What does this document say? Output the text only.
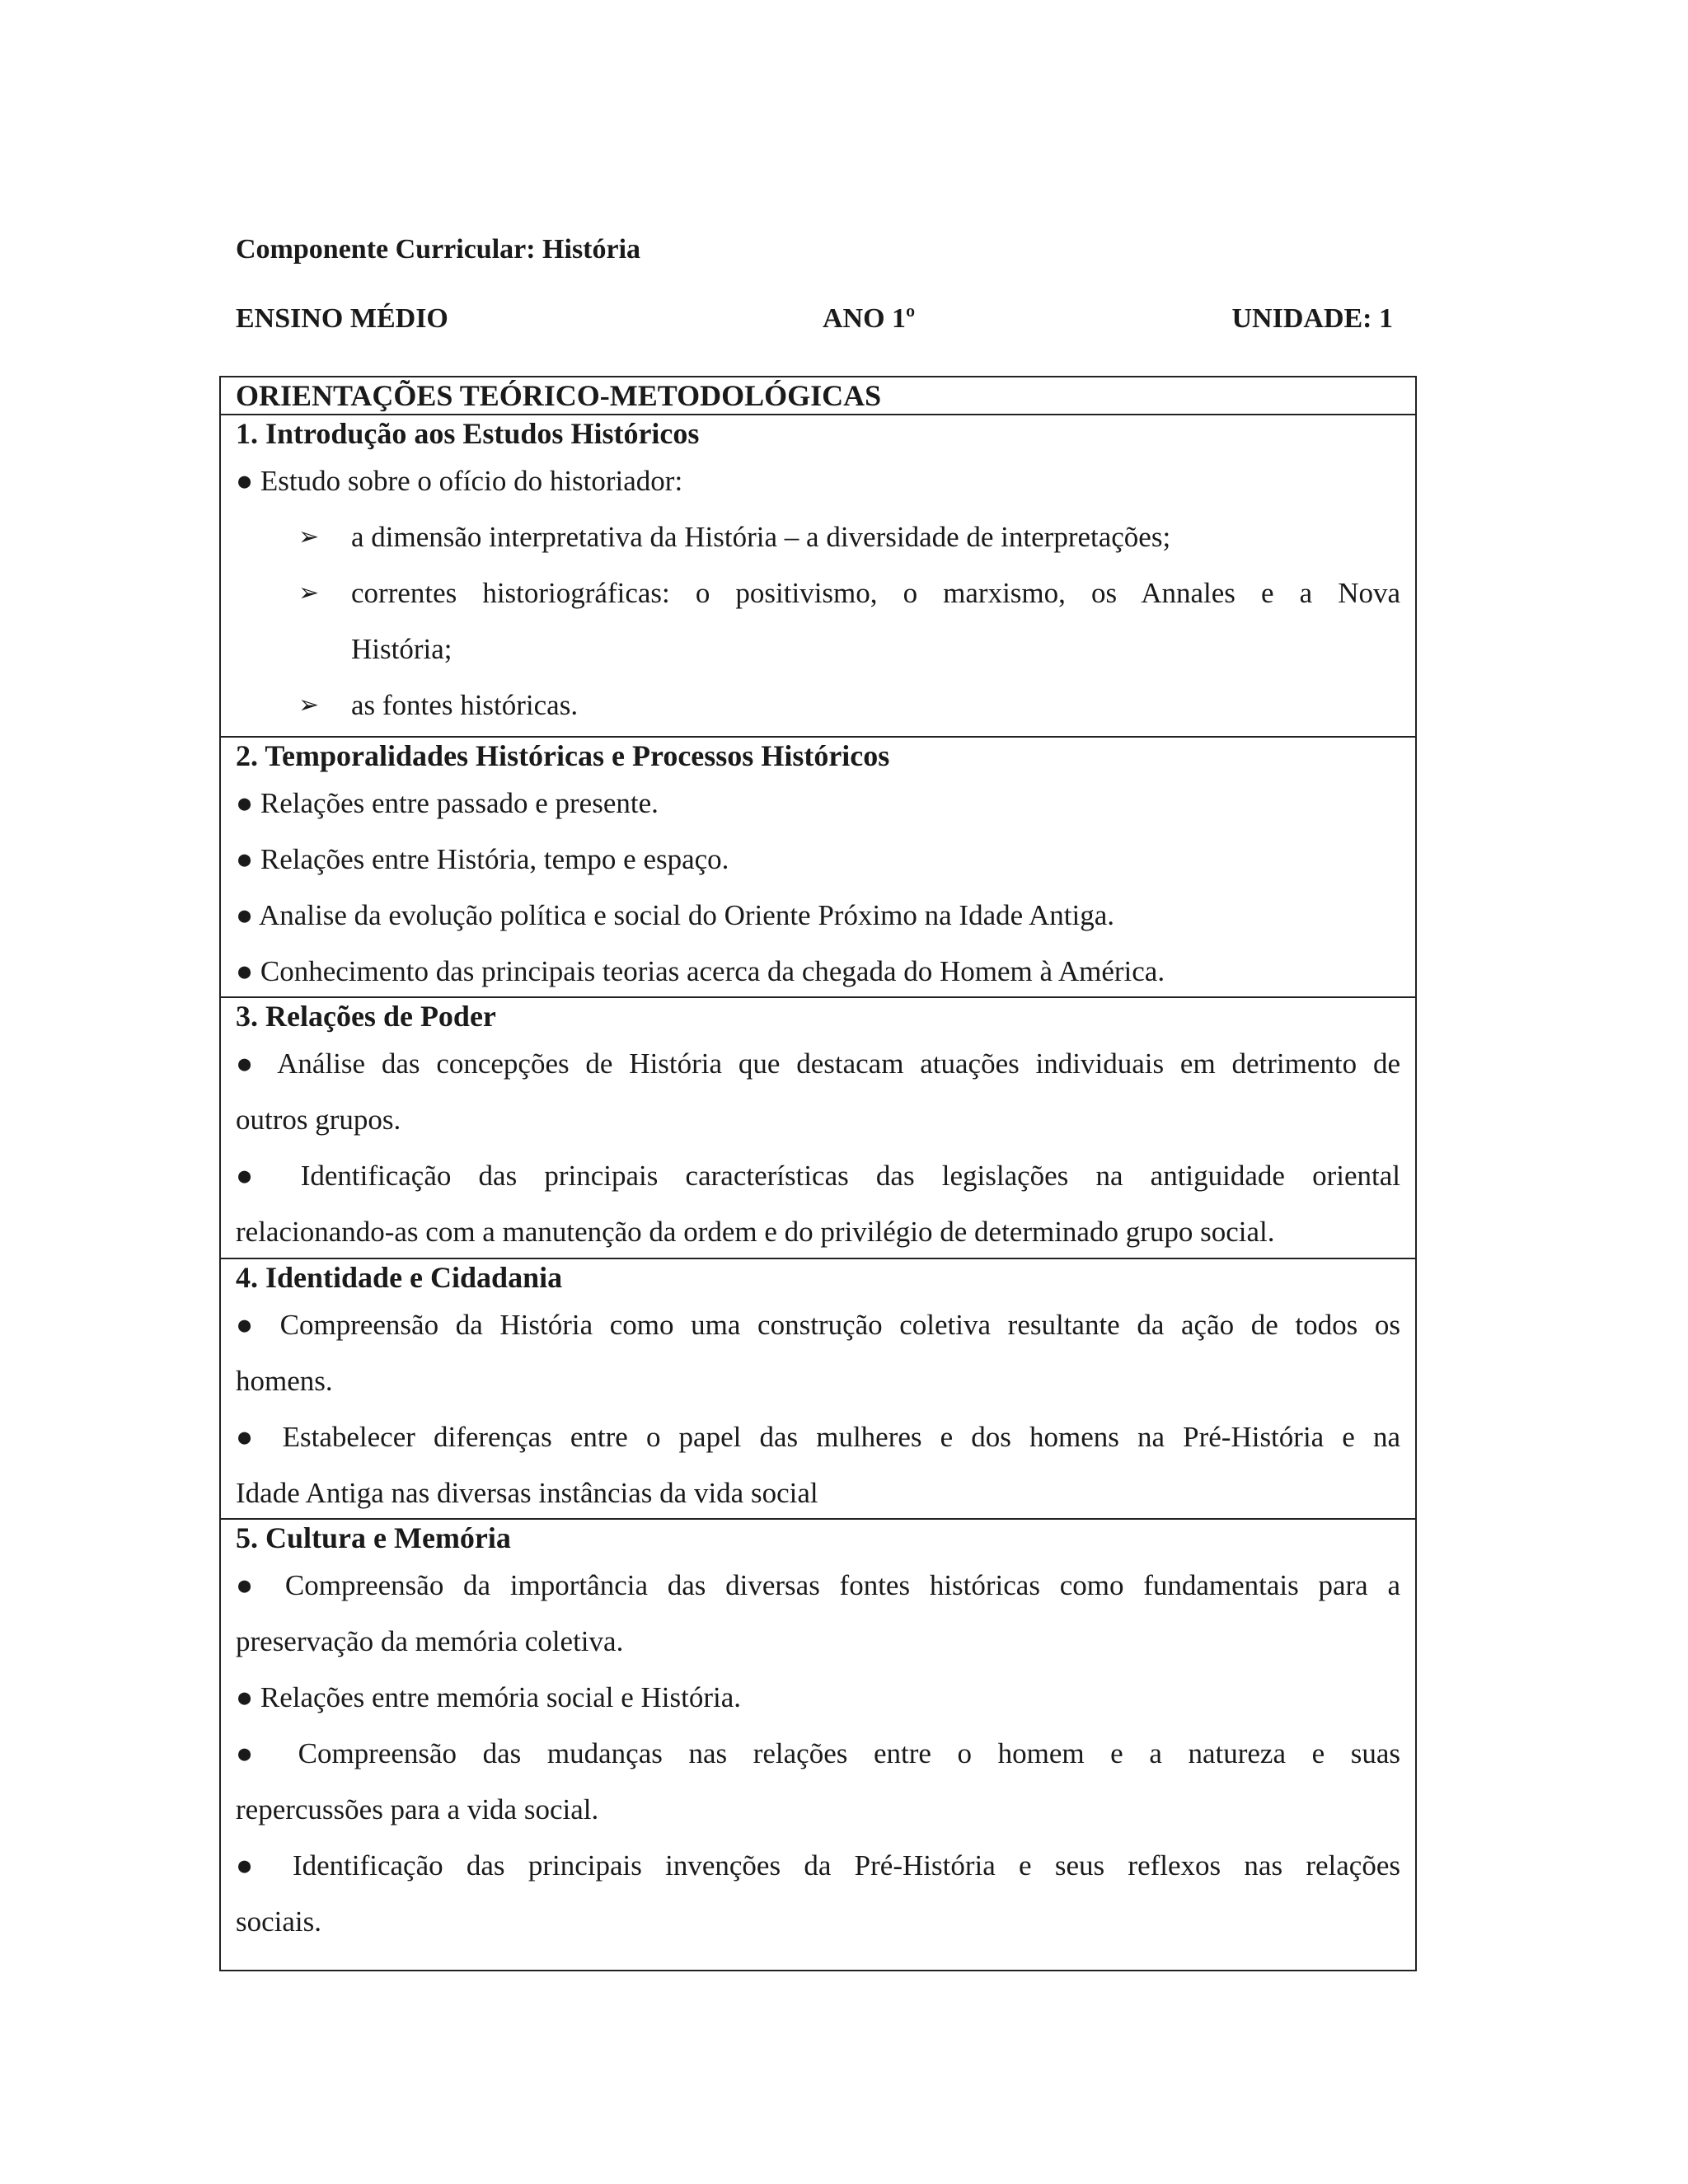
Componente Curricular: História
ENSINO MÉDIO	ANO 1º	UNIDADE: 1
ORIENTAÇÕES TEÓRICO-METODOLÓGICAS
1. Introdução aos Estudos Históricos
● Estudo sobre o ofício do historiador:
➢ a dimensão interpretativa da História – a diversidade de interpretações;
➢ correntes historiográficas: o positivismo, o marxismo, os Annales e a Nova
História;
➢ as fontes históricas.
2. Temporalidades Históricas e Processos Históricos
● Relações entre passado e presente.
● Relações entre História, tempo e espaço.
● Analise da evolução política e social do Oriente Próximo na Idade Antiga.
● Conhecimento das principais teorias acerca da chegada do Homem à América.
3. Relações de Poder
● Análise das concepções de História que destacam atuações individuais em detrimento de
outros grupos.
● Identificação das principais características das legislações na antiguidade oriental
relacionando-as com a manutenção da ordem e do privilégio de determinado grupo social.
4. Identidade e Cidadania
● Compreensão da História como uma construção coletiva resultante da ação de todos os
homens.
● Estabelecer diferenças entre o papel das mulheres e dos homens na Pré-História e na
Idade Antiga nas diversas instâncias da vida social
5. Cultura e Memória
● Compreensão da importância das diversas fontes históricas como fundamentais para a
preservação da memória coletiva.
● Relações entre memória social e História.
● Compreensão das mudanças nas relações entre o homem e a natureza e suas
repercussões para a vida social.
● Identificação das principais invenções da Pré-História e seus reflexos nas relações
sociais.
